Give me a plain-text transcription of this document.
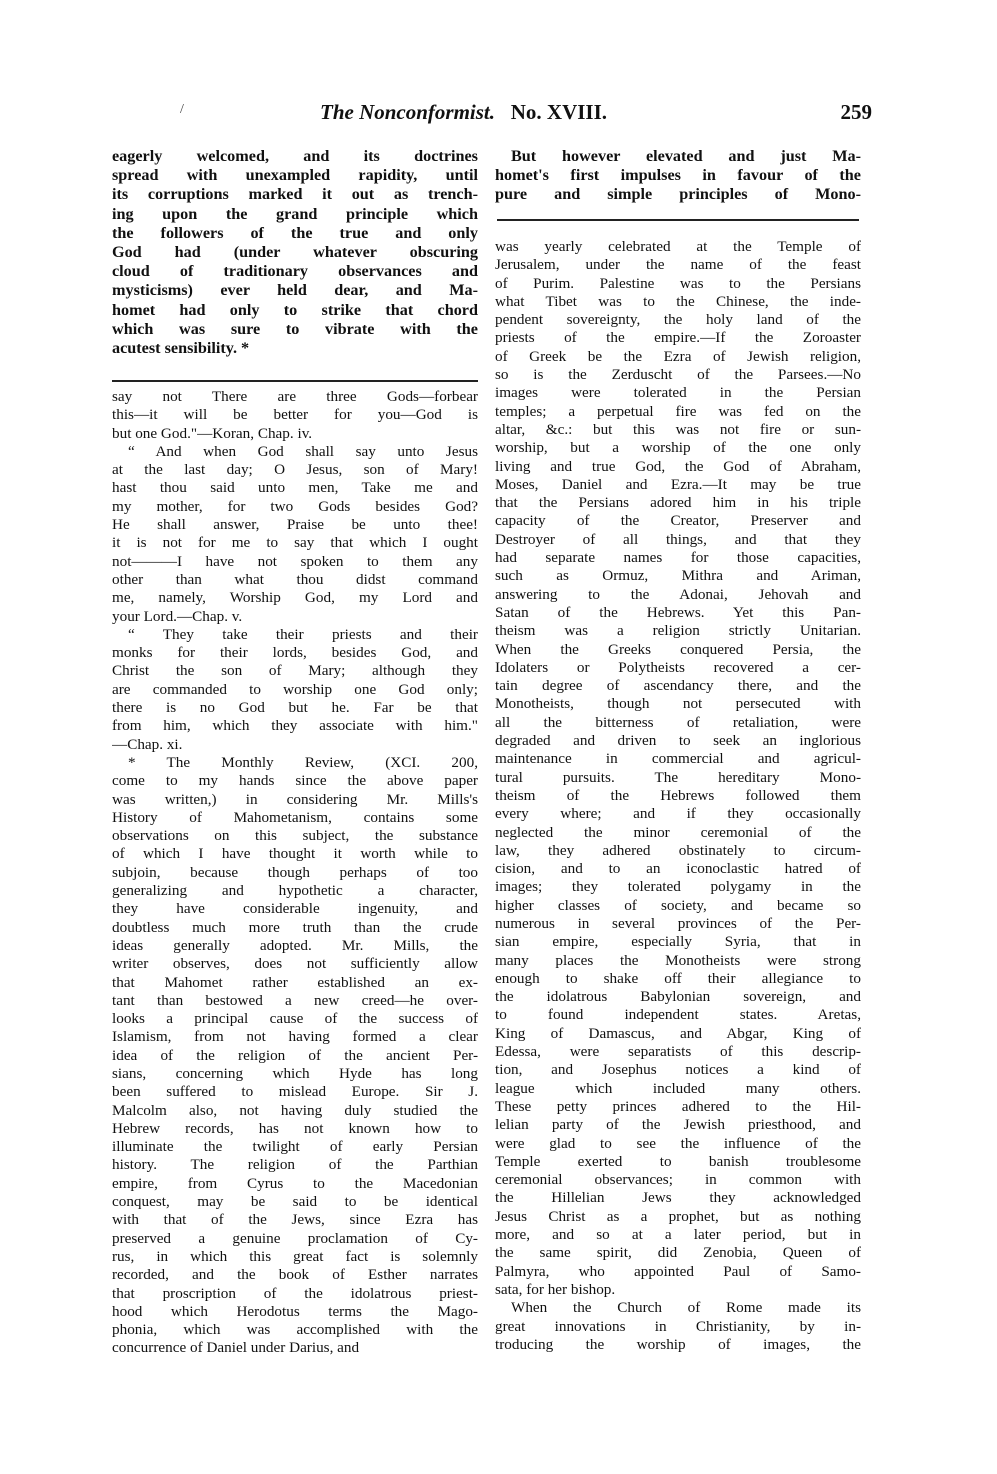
/	The Nonconformist. No. XVIII.	259
eagerly welcomed, and its doctrines
spread with unexampled rapidity, until
its corruptions marked it out as trench-
ing upon the grand principle which
the followers of the true and only
God had (under whatever obscuring
cloud of traditionary observances and
mysticisms) ever held dear, and Ma-
homet had only to strike that chord
which was sure to vibrate with the
acutest sensibility. *
say not There are three Gods—forbear
this—it will be better for you—God is
but one God."—Koran, Chap. iv.
“ And when God shall say unto Jesus
at the last day; O Jesus, son of Mary!
hast thou said unto men, Take me and
my mother, for two Gods besides God?
He shall answer, Praise be unto thee!
it is not for me to say that which I ought
not———I have not spoken to them any
other than what thou didst command
me, namely, Worship God, my Lord and
your Lord.—Chap. v.
“ They take their priests and their
monks for their lords, besides God, and
Christ the son of Mary; although they
are commanded to worship one God only;
there is no God but he. Far be that
from him, which they associate with him."
—Chap. xi.
* The Monthly Review, (XCI. 200,
come to my hands since the above paper
was written,) in considering Mr. Mills's
History of Mahometanism, contains some
observations on this subject, the substance
of which I have thought it worth while to
subjoin, because though perhaps of too
generalizing and hypothetic a character,
they have considerable ingenuity, and
doubtless much more truth than the crude
ideas generally adopted. Mr. Mills, the
writer observes, does not sufficiently allow
that Mahomet rather established an ex-
tant than bestowed a new creed—he over-
looks a principal cause of the success of
Islamism, from not having formed a clear
idea of the religion of the ancient Per-
sians, concerning which Hyde has long
been suffered to mislead Europe. Sir J.
Malcolm also, not having duly studied the
Hebrew records, has not known how to
illuminate the twilight of early Persian
history. The religion of the Parthian
empire, from Cyrus to the Macedonian
conquest, may be said to be identical
with that of the Jews, since Ezra has
preserved a genuine proclamation of Cy-
rus, in which this great fact is solemnly
recorded, and the book of Esther narrates
that proscription of the idolatrous priest-
hood which Herodotus terms the Mago-
phonia, which was accomplished with the
concurrence of Daniel under Darius, and
But however elevated and just Ma-
homet's first impulses in favour of the
pure and simple principles of Mono-
was yearly celebrated at the Temple of
Jerusalem, under the name of the feast
of Purim. Palestine was to the Persians
what Tibet was to the Chinese, the inde-
pendent sovereignty, the holy land of the
priests of the empire.—If the Zoroaster
of Greek be the Ezra of Jewish religion,
so is the Zerduscht of the Parsees.—No
images were tolerated in the Persian
temples; a perpetual fire was fed on the
altar, &c.: but this was not fire or sun-
worship, but a worship of the one only
living and true God, the God of Abraham,
Moses, Daniel and Ezra.—It may be true
that the Persians adored him in his triple
capacity of the Creator, Preserver and
Destroyer of all things, and that they
had separate names for those capacities,
such as Ormuz, Mithra and Ariman,
answering to the Adonai, Jehovah and
Satan of the Hebrews. Yet this Pan-
theism was a religion strictly Unitarian.
When the Greeks conquered Persia, the
Idolaters or Polytheists recovered a cer-
tain degree of ascendancy there, and the
Monotheists, though not persecuted with
all the bitterness of retaliation, were
degraded and driven to seek an inglorious
maintenance in commercial and agricul-
tural pursuits. The hereditary Mono-
theism of the Hebrews followed them
every where; and if they occasionally
neglected the minor ceremonial of the
law, they adhered obstinately to circum-
cision, and to an iconoclastic hatred of
images; they tolerated polygamy in the
higher classes of society, and became so
numerous in several provinces of the Per-
sian empire, especially Syria, that in
many places the Monotheists were strong
enough to shake off their allegiance to
the idolatrous Babylonian sovereign, and
to found independent states. Aretas,
King of Damascus, and Abgar, King of
Edessa, were separatists of this descrip-
tion, and Josephus notices a kind of
league which included many others.
These petty princes adhered to the Hil-
lelian party of the Jewish priesthood, and
were glad to see the influence of the
Temple exerted to banish troublesome
ceremonial observances; in common with
the Hillelian Jews they acknowledged
Jesus Christ as a prophet, but as nothing
more, and so at a later period, but in
the same spirit, did Zenobia, Queen of
Palmyra, who appointed Paul of Samo-
sata, for her bishop.
When the Church of Rome made its
great innovations in Christianity, by in-
troducing the worship of images, the
